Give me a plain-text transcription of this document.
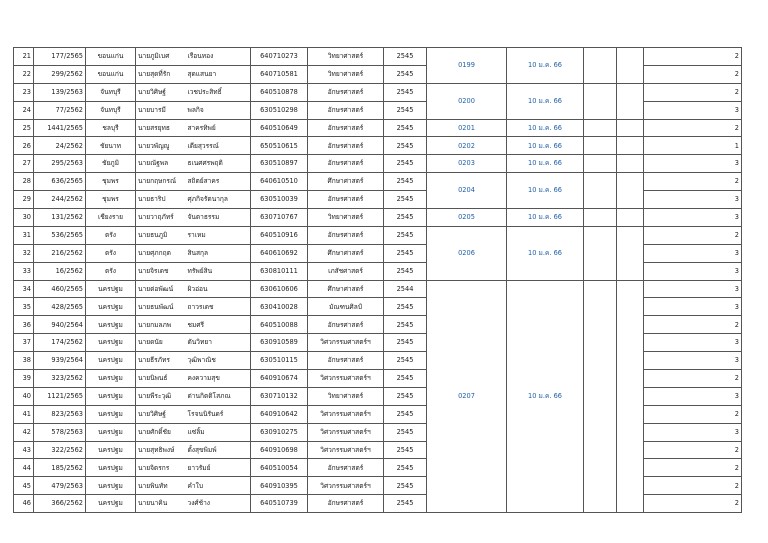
21	177/2565	ขอนแก่น	นายภูมิเบศ	เรือนทอง	640710273	วิทยาศาสตร์	2545	0199	10 ม.ค. 66			2
22	299/2562	ขอนแก่น	นายสุดที่รัก	สุดแสนยา	640710581	วิทยาศาสตร์	2545					2
23	139/2563	จันทบุรี	นายวิศิษฐ์	เวชประสิทธิ์	640510878	อักษรศาสตร์	2545	0200	10 ม.ค. 66			2
24	77/2562	จันทบุรี	นายบารมี	พลกิจ	630510298	อักษรศาสตร์	2545					3
25	1441/2565	ชลบุรี	นายสรยุทธ	สาครทิพย์	640510649	อักษรศาสตร์	2545	0201	10 ม.ค. 66			2
26	24/2562	ชัยนาท	นายวพัญญู	เตียสุวรรณ์	650510615	อักษรศาสตร์	2545	0202	10 ม.ค. 66			1
27	295/2563	ชัยภูมิ	นายณัฐพล	ธเนศศรพฤติ	630510897	อักษรศาสตร์	2545	0203	10 ม.ค. 66			3
28	636/2565	ชุมพร	นายกฤษกรณ์	สถิตย์สาคร	640610510	ศึกษาศาสตร์	2545	0204	10 ม.ค. 66			2
29	244/2562	ชุมพร	นายธาริป	ศุภกิจรัตนากุล	630510039	อักษรศาสตร์	2545					3
30	131/2562	เชียงราย	นายวาฤภัทร์	จันตาธรรม	630710767	วิทยาศาสตร์	2545	0205	10 ม.ค. 66			3
31	536/2565	ตรัง	นายธนภูมิ	ราเหม	640510916	อักษรศาสตร์	2545	0206	10 ม.ค. 66			2
32	216/2562	ตรัง	นายศุภกฤต	สินสกุล	640610692	ศึกษาศาสตร์	2545					3
33	16/2562	ตรัง	นายจิรเดช	ทรัพย์สิน	630810111	เภสัชศาสตร์	2545					3
34	460/2565	นครปฐม	นายต่อพัฒน์	ผิวอ่อน	630610606	ศึกษาศาสตร์	2544	0207	10 ม.ค. 66			3
35	428/2565	นครปฐม	นายธนพัฒน์	ถาวรเดช	630410028	มัณฑนศิลป์	2545					3
36	940/2564	นครปฐม	นายกมลภพ	ชมศรี	640510088	อักษรศาสตร์	2545					2
37	174/2562	นครปฐม	นายดนัย	ตันวิทยา	630910589	วิศวกรรมศาสตร์ฯ	2545					3
38	939/2564	นครปฐม	นายธีรภัทร	วุฒิพาณิช	630510115	อักษรศาสตร์	2545					3
39	323/2562	นครปฐม	นายนิพนธ์	คงความสุข	640910674	วิศวกรรมศาสตร์ฯ	2545					2
40	1121/2565	นครปฐม	นายพีระวุฒิ	ต่านกิตติโสภณ	630710132	วิทยาศาสตร์	2545					3
41	823/2563	นครปฐม	นายวิศิษฐ์	โรจนนิรันดร์	640910642	วิศวกรรมศาสตร์ฯ	2545					2
42	578/2563	นครปฐม	นายศักดิ์ชัย	แซ่ลิ้ม	630910275	วิศวกรรมศาสตร์ฯ	2545					3
43	322/2562	นครปฐม	นายสุทธิพงษ์	ตั้งสุขพิมพ์	640910698	วิศวกรรมศาสตร์ฯ	2545					2
44	185/2562	นครปฐม	นายจิตรกร	ยาวรัมย์	640510054	อักษรศาสตร์	2545					2
45	479/2563	นครปฐม	นายพินทัท	คำใบ	640910395	วิศวกรรมศาสตร์ฯ	2545					2
46	366/2562	นครปฐม	นายนาคิน	วงศ์ช้าง	640510739	อักษรศาสตร์	2545					2
